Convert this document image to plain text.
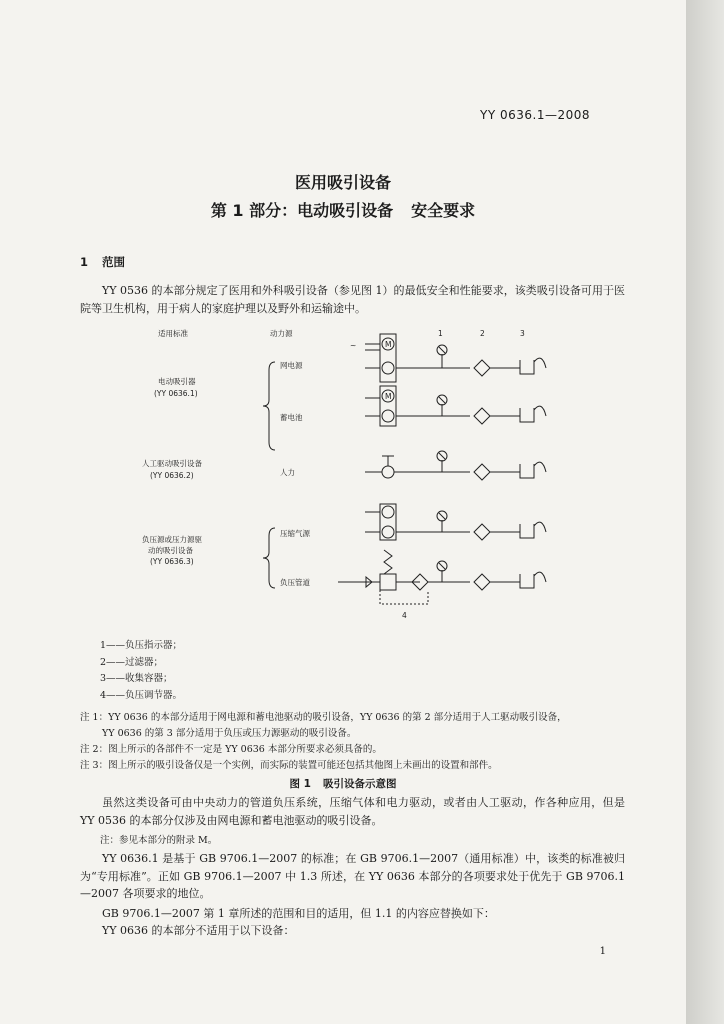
YY 0636.1—2008
医用吸引设备
第 1 部分：电动吸引设备 安全要求
1 范围
YY 0536 的本部分规定了医用和外科吸引设备（参见图 1）的最低安全和性能要求，该类吸引设备可用于医院等卫生机构，用于病人的家庭护理以及野外和运输途中。
适用标准	动力源	1	2	3
4
~	M
M
电动吸引器
(YY 0636.1)
人工驱动吸引设备
(YY 0636.2)
负压源或压力源驱
动的吸引设备
(YY 0636.3)
网电源
蓄电池
人力
压缩气源
负压管道
1——负压指示器；
2——过滤器；
3——收集容器；
4——负压调节器。
注 1：YY 0636 的本部分适用于网电源和蓄电池驱动的吸引设备，YY 0636 的第 2 部分适用于人工驱动吸引设备，
YY 0636 的第 3 部分适用于负压或压力源驱动的吸引设备。
注 2：图上所示的各部件不一定是 YY 0636 本部分所要求必须具备的。
注 3：图上所示的吸引设备仅是一个实例，而实际的装置可能还包括其他图上未画出的设置和部件。
图 1 吸引设备示意图
虽然这类设备可由中央动力的管道负压系统，压缩气体和电力驱动，或者由人工驱动，作各种应用，但是 YY 0536 的本部分仅涉及由网电源和蓄电池驱动的吸引设备。
注：参见本部分的附录 M。
YY 0636.1 是基于 GB 9706.1—2007 的标准；在 GB 9706.1—2007（通用标准）中，该类的标准被归为“专用标准”。正如 GB 9706.1—2007 中 1.3 所述，在 YY 0636 本部分的各项要求处于优先于 GB 9706.1—2007 各项要求的地位。
GB 9706.1—2007 第 1 章所述的范围和目的适用，但 1.1 的内容应替换如下：
YY 0636 的本部分不适用于以下设备：
1
